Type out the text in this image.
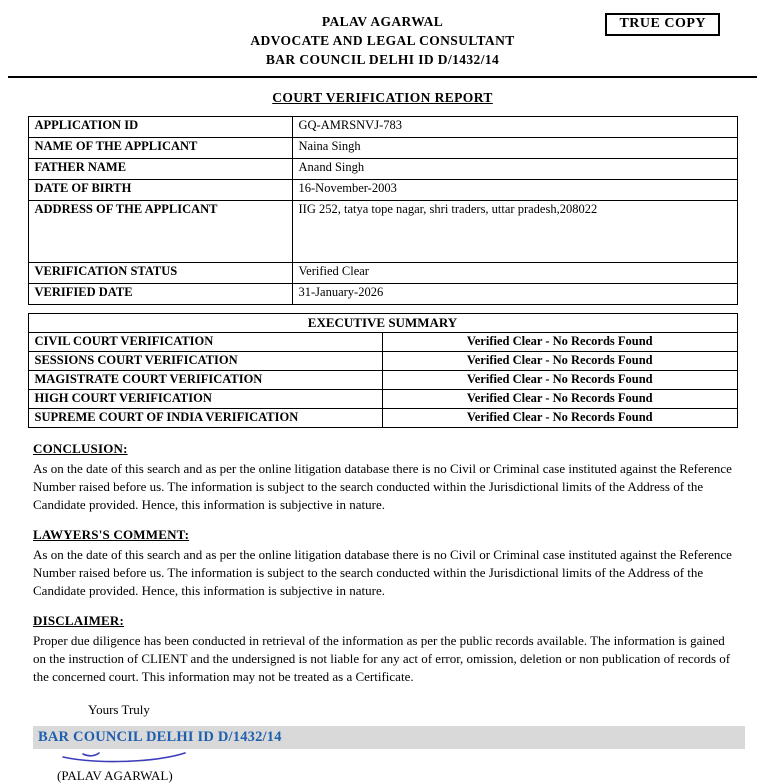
TRUE COPY
PALAV AGARWAL
ADVOCATE AND LEGAL CONSULTANT
BAR COUNCIL DELHI ID D/1432/14
COURT VERIFICATION REPORT
APPLICATION ID	GQ-AMRSNVJ-783
NAME OF THE APPLICANT	Naina Singh
FATHER NAME	Anand Singh
DATE OF BIRTH	16-November-2003
ADDRESS OF THE APPLICANT	IIG 252, tatya tope nagar, shri traders, uttar pradesh,208022
VERIFICATION STATUS	Verified Clear
VERIFIED DATE	31-January-2026
EXECUTIVE SUMMARY	
CIVIL COURT VERIFICATION	Verified Clear - No Records Found
SESSIONS COURT VERIFICATION	Verified Clear - No Records Found
MAGISTRATE COURT VERIFICATION	Verified Clear - No Records Found
HIGH COURT VERIFICATION	Verified Clear - No Records Found
SUPREME COURT OF INDIA VERIFICATION	Verified Clear - No Records Found
CONCLUSION:
As on the date of this search and as per the online litigation database there is no Civil or Criminal case instituted against the Reference Number raised before us. The information is subject to the search conducted within the Jurisdictional limits of the Address of the Candidate provided. Hence, this information is subjective in nature.
LAWYERS'S COMMENT:
As on the date of this search and as per the online litigation database there is no Civil or Criminal case instituted against the Reference Number raised before us. The information is subject to the search conducted within the Jurisdictional limits of the Address of the Candidate provided. Hence, this information is subjective in nature.
DISCLAIMER:
Proper due diligence has been conducted in retrieval of the information as per the public records available. The information is gained on the instruction of CLIENT and the undersigned is not liable for any act of error, omission, deletion or non publication of records of the concerned court. This information may not be treated as a Certificate.
Yours Truly
(PALAV AGARWAL)
BAR COUNCIL DELHI ID D/1432/14
